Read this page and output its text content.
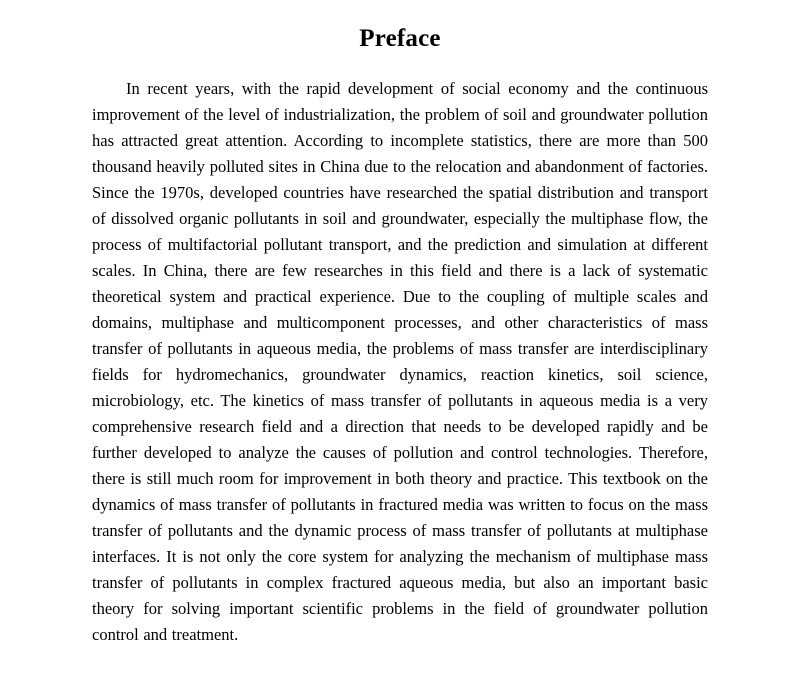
Preface

In recent years, with the rapid development of social economy and the continuous improvement of the level of industrialization, the problem of soil and groundwater pollution has attracted great attention. According to incomplete statistics, there are more than 500 thousand heavily polluted sites in China due to the relocation and abandonment of factories. Since the 1970s, developed countries have researched the spatial distribution and transport of dissolved organic pollutants in soil and groundwater, especially the multiphase flow, the process of multifactorial pollutant transport, and the prediction and simulation at different scales. In China, there are few researches in this field and there is a lack of systematic theoretical system and practical experience. Due to the coupling of multiple scales and domains, multiphase and multicomponent processes, and other characteristics of mass transfer of pollutants in aqueous media, the problems of mass transfer are interdisciplinary fields for hydromechanics, groundwater dynamics, reaction kinetics, soil science, microbiology, etc. The kinetics of mass transfer of pollutants in aqueous media is a very comprehensive research field and a direction that needs to be developed rapidly and be further developed to analyze the causes of pollution and control technologies. Therefore, there is still much room for improvement in both theory and practice. This textbook on the dynamics of mass transfer of pollutants in fractured media was written to focus on the mass transfer of pollutants and the dynamic process of mass transfer of pollutants at multiphase interfaces. It is not only the core system for analyzing the mechanism of multiphase mass transfer of pollutants in complex fractured aqueous media, but also an important basic theory for solving important scientific problems in the field of groundwater pollution control and treatment.
